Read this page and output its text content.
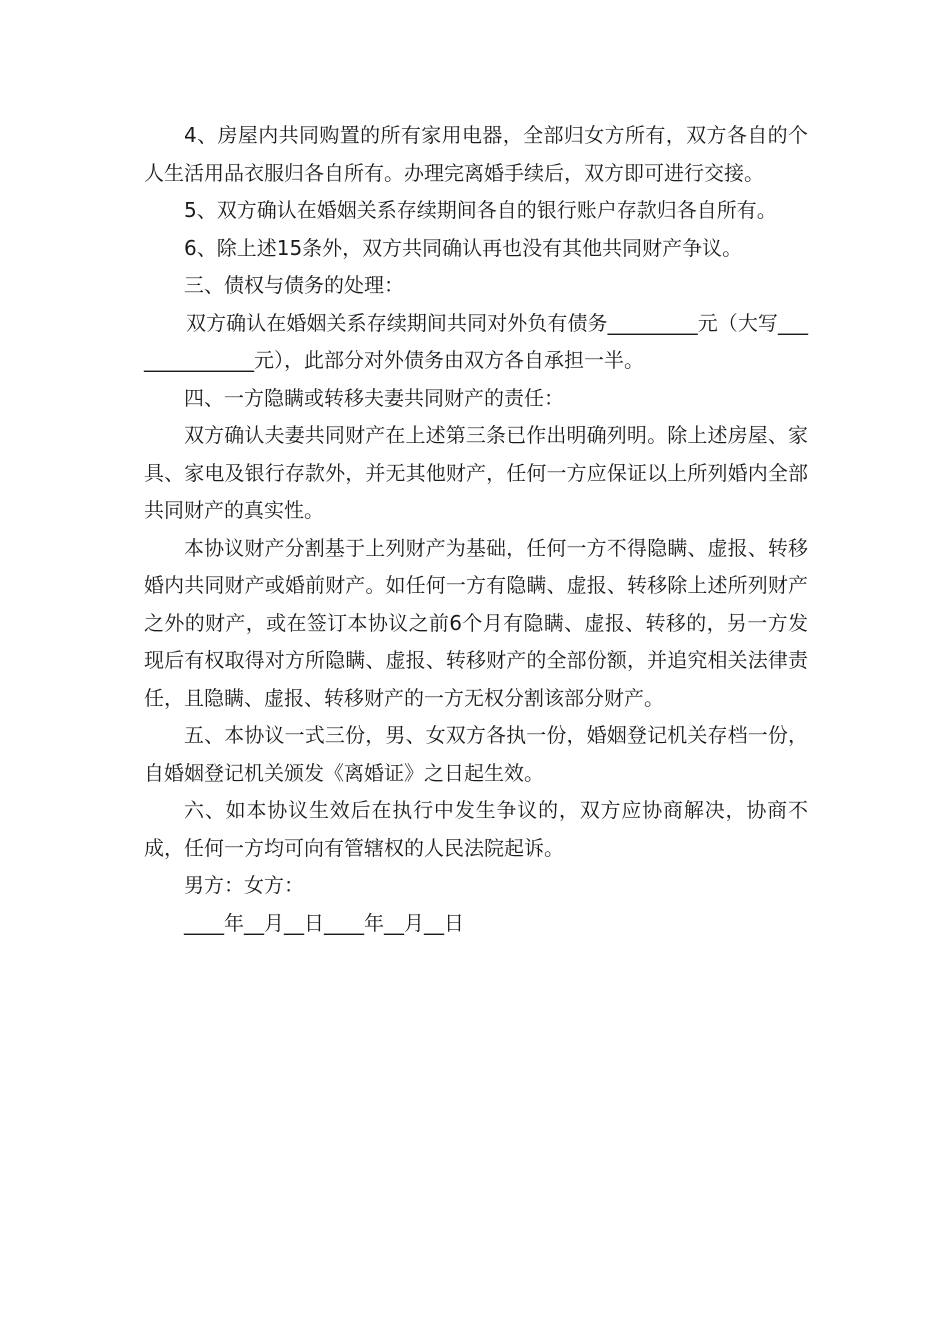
4、房屋内共同购置的所有家用电器，全部归女方所有，双方各自的个人生活用品衣服归各自所有。办理完离婚手续后，双方即可进行交接。

5、双方确认在婚姻关系存续期间各自的银行账户存款归各自所有。

6、除上述15条外，双方共同确认再也没有其他共同财产争议。

三、债权与债务的处理：

双方确认在婚姻关系存续期间共同对外负有债务_________元（大写______________元），此部分对外债务由双方各自承担一半。

四、一方隐瞒或转移夫妻共同财产的责任：

双方确认夫妻共同财产在上述第三条已作出明确列明。除上述房屋、家具、家电及银行存款外，并无其他财产，任何一方应保证以上所列婚内全部共同财产的真实性。

本协议财产分割基于上列财产为基础，任何一方不得隐瞒、虚报、转移婚内共同财产或婚前财产。如任何一方有隐瞒、虚报、转移除上述所列财产之外的财产，或在签订本协议之前6个月有隐瞒、虚报、转移的，另一方发现后有权取得对方所隐瞒、虚报、转移财产的全部份额，并追究相关法律责任，且隐瞒、虚报、转移财产的一方无权分割该部分财产。

五、本协议一式三份，男、女双方各执一份，婚姻登记机关存档一份，自婚姻登记机关颁发《离婚证》之日起生效。

六、如本协议生效后在执行中发生争议的，双方应协商解决，协商不成，任何一方均可向有管辖权的人民法院起诉。

男方：女方：

____年__月__日____年__月__日
